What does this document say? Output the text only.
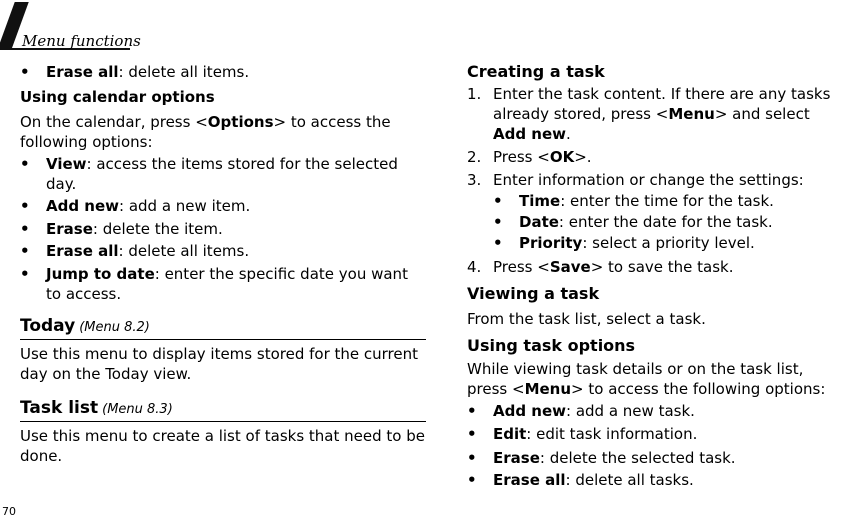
Menu functions
• Erase all: delete all items.
Using calendar options
On the calendar, press <Options> to access the following options:
• View: access the items stored for the selected day.
• Add new: add a new item.
• Erase: delete the item.
• Erase all: delete all items.
• Jump to date: enter the specific date you want to access.
Today (Menu 8.2)
Use this menu to display items stored for the current day on the Today view.
Task list (Menu 8.3)
Use this menu to create a list of tasks that need to be done.
Creating a task
1. Enter the task content. If there are any tasks already stored, press <Menu> and select Add new.
2. Press <OK>.
3. Enter information or change the settings:
• Time: enter the time for the task.
• Date: enter the date for the task.
• Priority: select a priority level.
4. Press <Save> to save the task.
Viewing a task
From the task list, select a task.
Using task options
While viewing task details or on the task list, press <Menu> to access the following options:
• Add new: add a new task.
• Edit: edit task information.
• Erase: delete the selected task.
• Erase all: delete all tasks.
70
